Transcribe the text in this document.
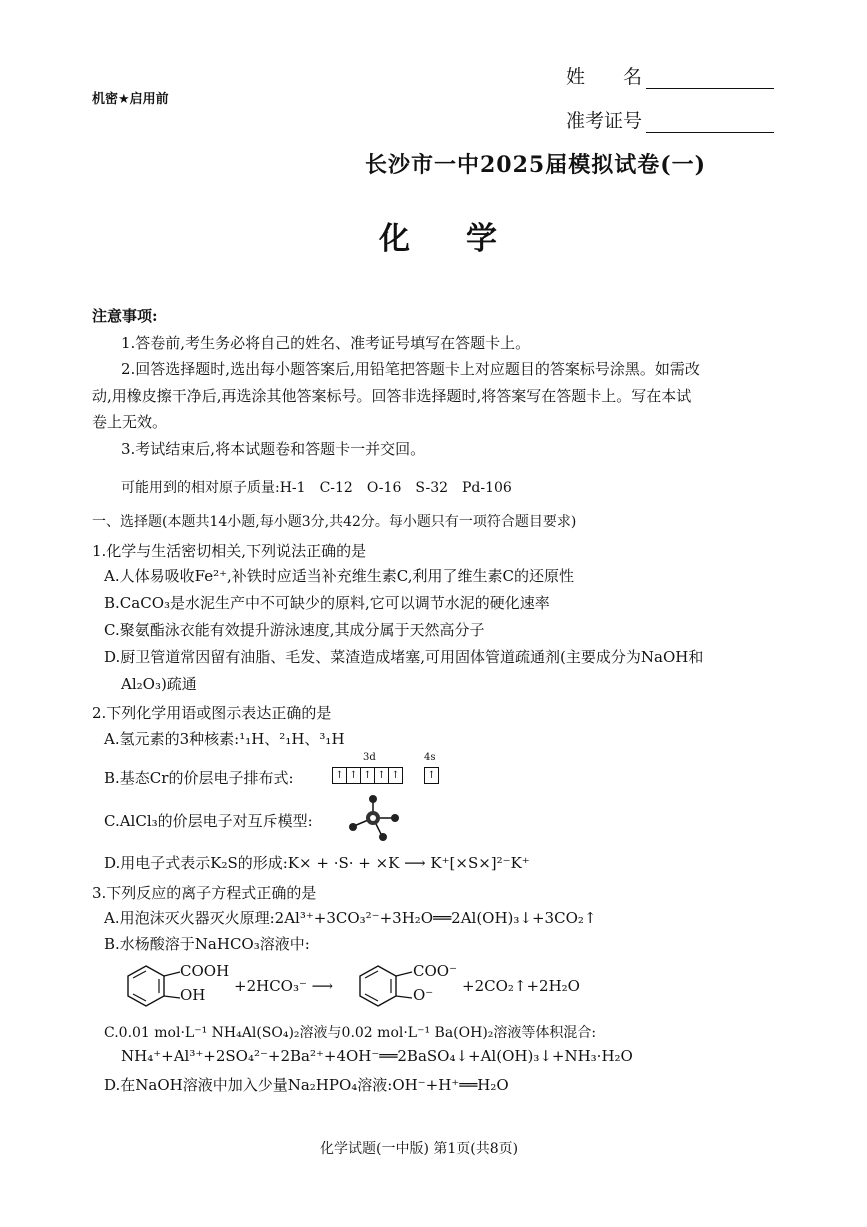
机密★启用前
姓　　名
准考证号
长沙市一中2025届模拟试卷(一)
化学
注意事项:
1.答卷前,考生务必将自己的姓名、准考证号填写在答题卡上。
2.回答选择题时,选出每小题答案后,用铅笔把答题卡上对应题目的答案标号涂黑。如需改
动,用橡皮擦干净后,再选涂其他答案标号。回答非选择题时,将答案写在答题卡上。写在本试
卷上无效。
3.考试结束后,将本试题卷和答题卡一并交回。
可能用到的相对原子质量:H-1　C-12　O-16　S-32　Pd-106
一、选择题(本题共14小题,每小题3分,共42分。每小题只有一项符合题目要求)
1.化学与生活密切相关,下列说法正确的是
A.人体易吸收Fe²⁺,补铁时应适当补充维生素C,利用了维生素C的还原性
B.CaCO₃是水泥生产中不可缺少的原料,它可以调节水泥的硬化速率
C.聚氨酯泳衣能有效提升游泳速度,其成分属于天然高分子
D.厨卫管道常因留有油脂、毛发、菜渣造成堵塞,可用固体管道疏通剂(主要成分为NaOH和
Al₂O₃)疏通
2.下列化学用语或图示表达正确的是
A.氢元素的3种核素:¹₁H、²₁H、³₁H
B.基态Cr的价层电子排布式:
3d	4s
↑ ↑ ↑ ↑ ↑	↑
C.AlCl₃的价层电子对互斥模型:
D.用电子式表示K₂S的形成:K× + ·S· + ×K ⟶ K⁺[×S×]²⁻K⁺
3.下列反应的离子方程式正确的是
A.用泡沫灭火器灭火原理:2Al³⁺+3CO₃²⁻+3H₂O══2Al(OH)₃↓+3CO₂↑
B.水杨酸溶于NaHCO₃溶液中:
COOH
OH +2HCO₃⁻ ⟶
COO⁻
O⁻ +2CO₂↑+2H₂O
C.0.01 mol·L⁻¹ NH₄Al(SO₄)₂溶液与0.02 mol·L⁻¹ Ba(OH)₂溶液等体积混合:
NH₄⁺+Al³⁺+2SO₄²⁻+2Ba²⁺+4OH⁻══2BaSO₄↓+Al(OH)₃↓+NH₃·H₂O
D.在NaOH溶液中加入少量Na₂HPO₄溶液:OH⁻+H⁺══H₂O
化学试题(一中版) 第1页(共8页)
